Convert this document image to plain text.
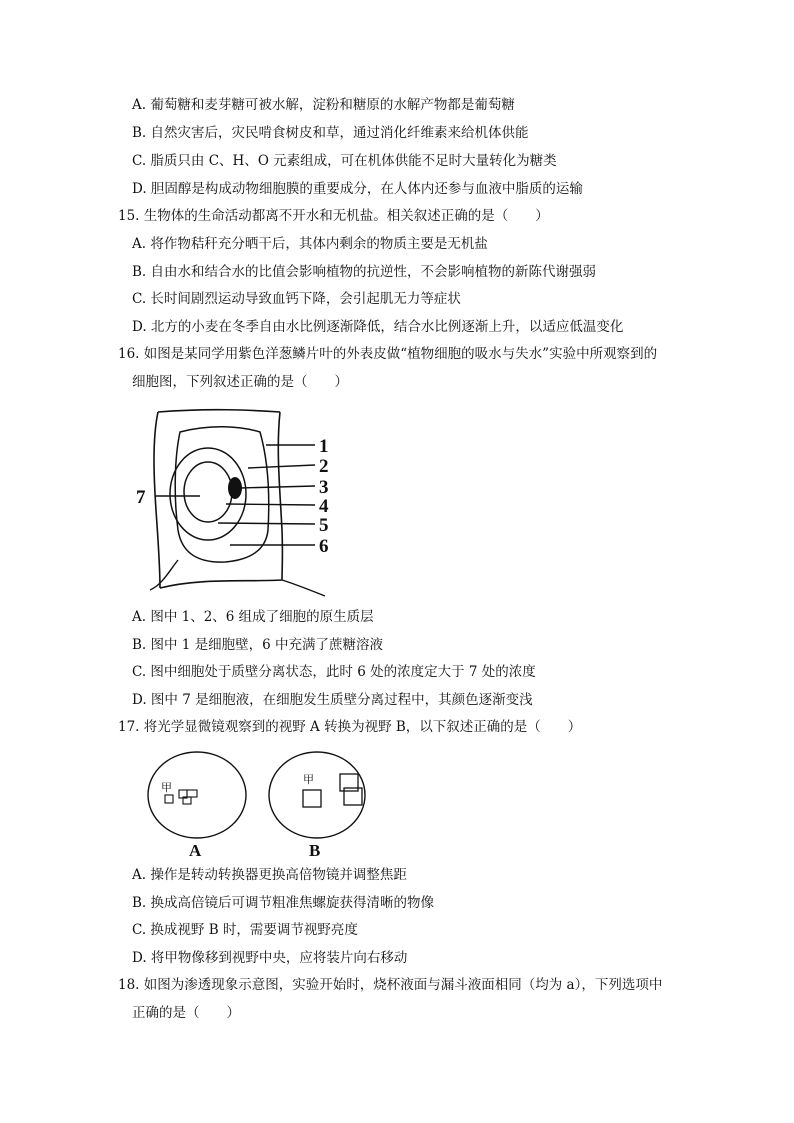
A. 葡萄糖和麦芽糖可被水解，淀粉和糖原的水解产物都是葡萄糖
B. 自然灾害后，灾民啃食树皮和草，通过消化纤维素来给机体供能
C. 脂质只由 C、H、O 元素组成，可在机体供能不足时大量转化为糖类
D. 胆固醇是构成动物细胞膜的重要成分，在人体内还参与血液中脂质的运输
15. 生物体的生命活动都离不开水和无机盐。相关叙述正确的是（　　）
A. 将作物秸秆充分晒干后，其体内剩余的物质主要是无机盐
B. 自由水和结合水的比值会影响植物的抗逆性，不会影响植物的新陈代谢强弱
C. 长时间剧烈运动导致血钙下降，会引起肌无力等症状
D. 北方的小麦在冬季自由水比例逐渐降低，结合水比例逐渐上升，以适应低温变化
16. 如图是某同学用紫色洋葱鳞片叶的外表皮做“植物细胞的吸水与失水”实验中所观察到的
细胞图，下列叙述正确的是（　　）
1
2
3
4
5
6
7
A. 图中 1、2、6 组成了细胞的原生质层
B. 图中 1 是细胞壁，6 中充满了蔗糖溶液
C. 图中细胞处于质壁分离状态，此时 6 处的浓度定大于 7 处的浓度
D. 图中 7 是细胞液，在细胞发生质壁分离过程中，其颜色逐渐变浅
17. 将光学显微镜观察到的视野 A 转换为视野 B，以下叙述正确的是（　　）
甲
A
甲
B
A. 操作是转动转换器更换高倍物镜并调整焦距
B. 换成高倍镜后可调节粗准焦螺旋获得清晰的物像
C. 换成视野 B 时，需要调节视野亮度
D. 将甲物像移到视野中央，应将装片向右移动
18. 如图为渗透现象示意图，实验开始时，烧杯液面与漏斗液面相同（均为 a），下列选项中
正确的是（　　）
